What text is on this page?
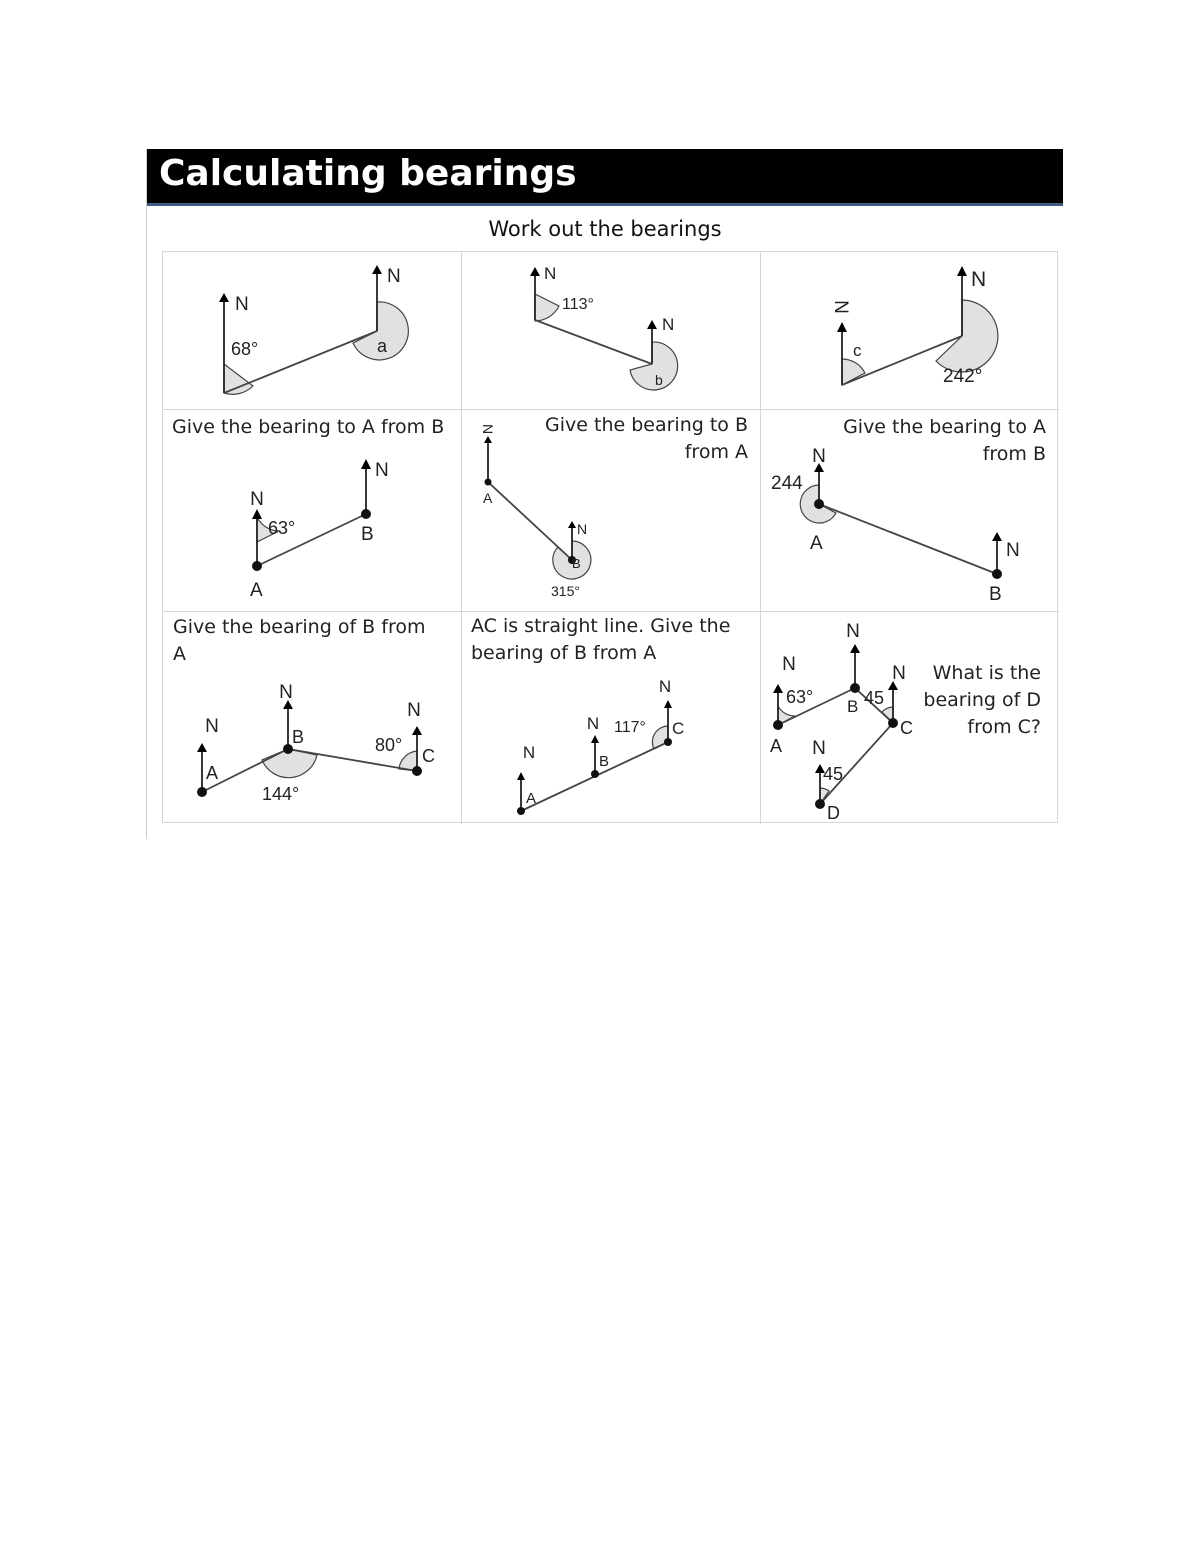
Calculating bearings
Work out the bearings
N
N
68°	a
N
N
113°
b
N
N
c
242°
Give the bearing to A from B
N
N
63°
A
B
Give the bearing to B from A
N
N
A
B
315°
Give the bearing to A from B
N
N
244
A
B
Give the bearing of B from A
N
N
N
A
B
C
144°
80°
AC is straight line. Give the bearing of B from A
N
N
N
A
B
C
117°
What is the bearing of D from C?
N
N
N
N
63°	45
45
A
B
C
D
